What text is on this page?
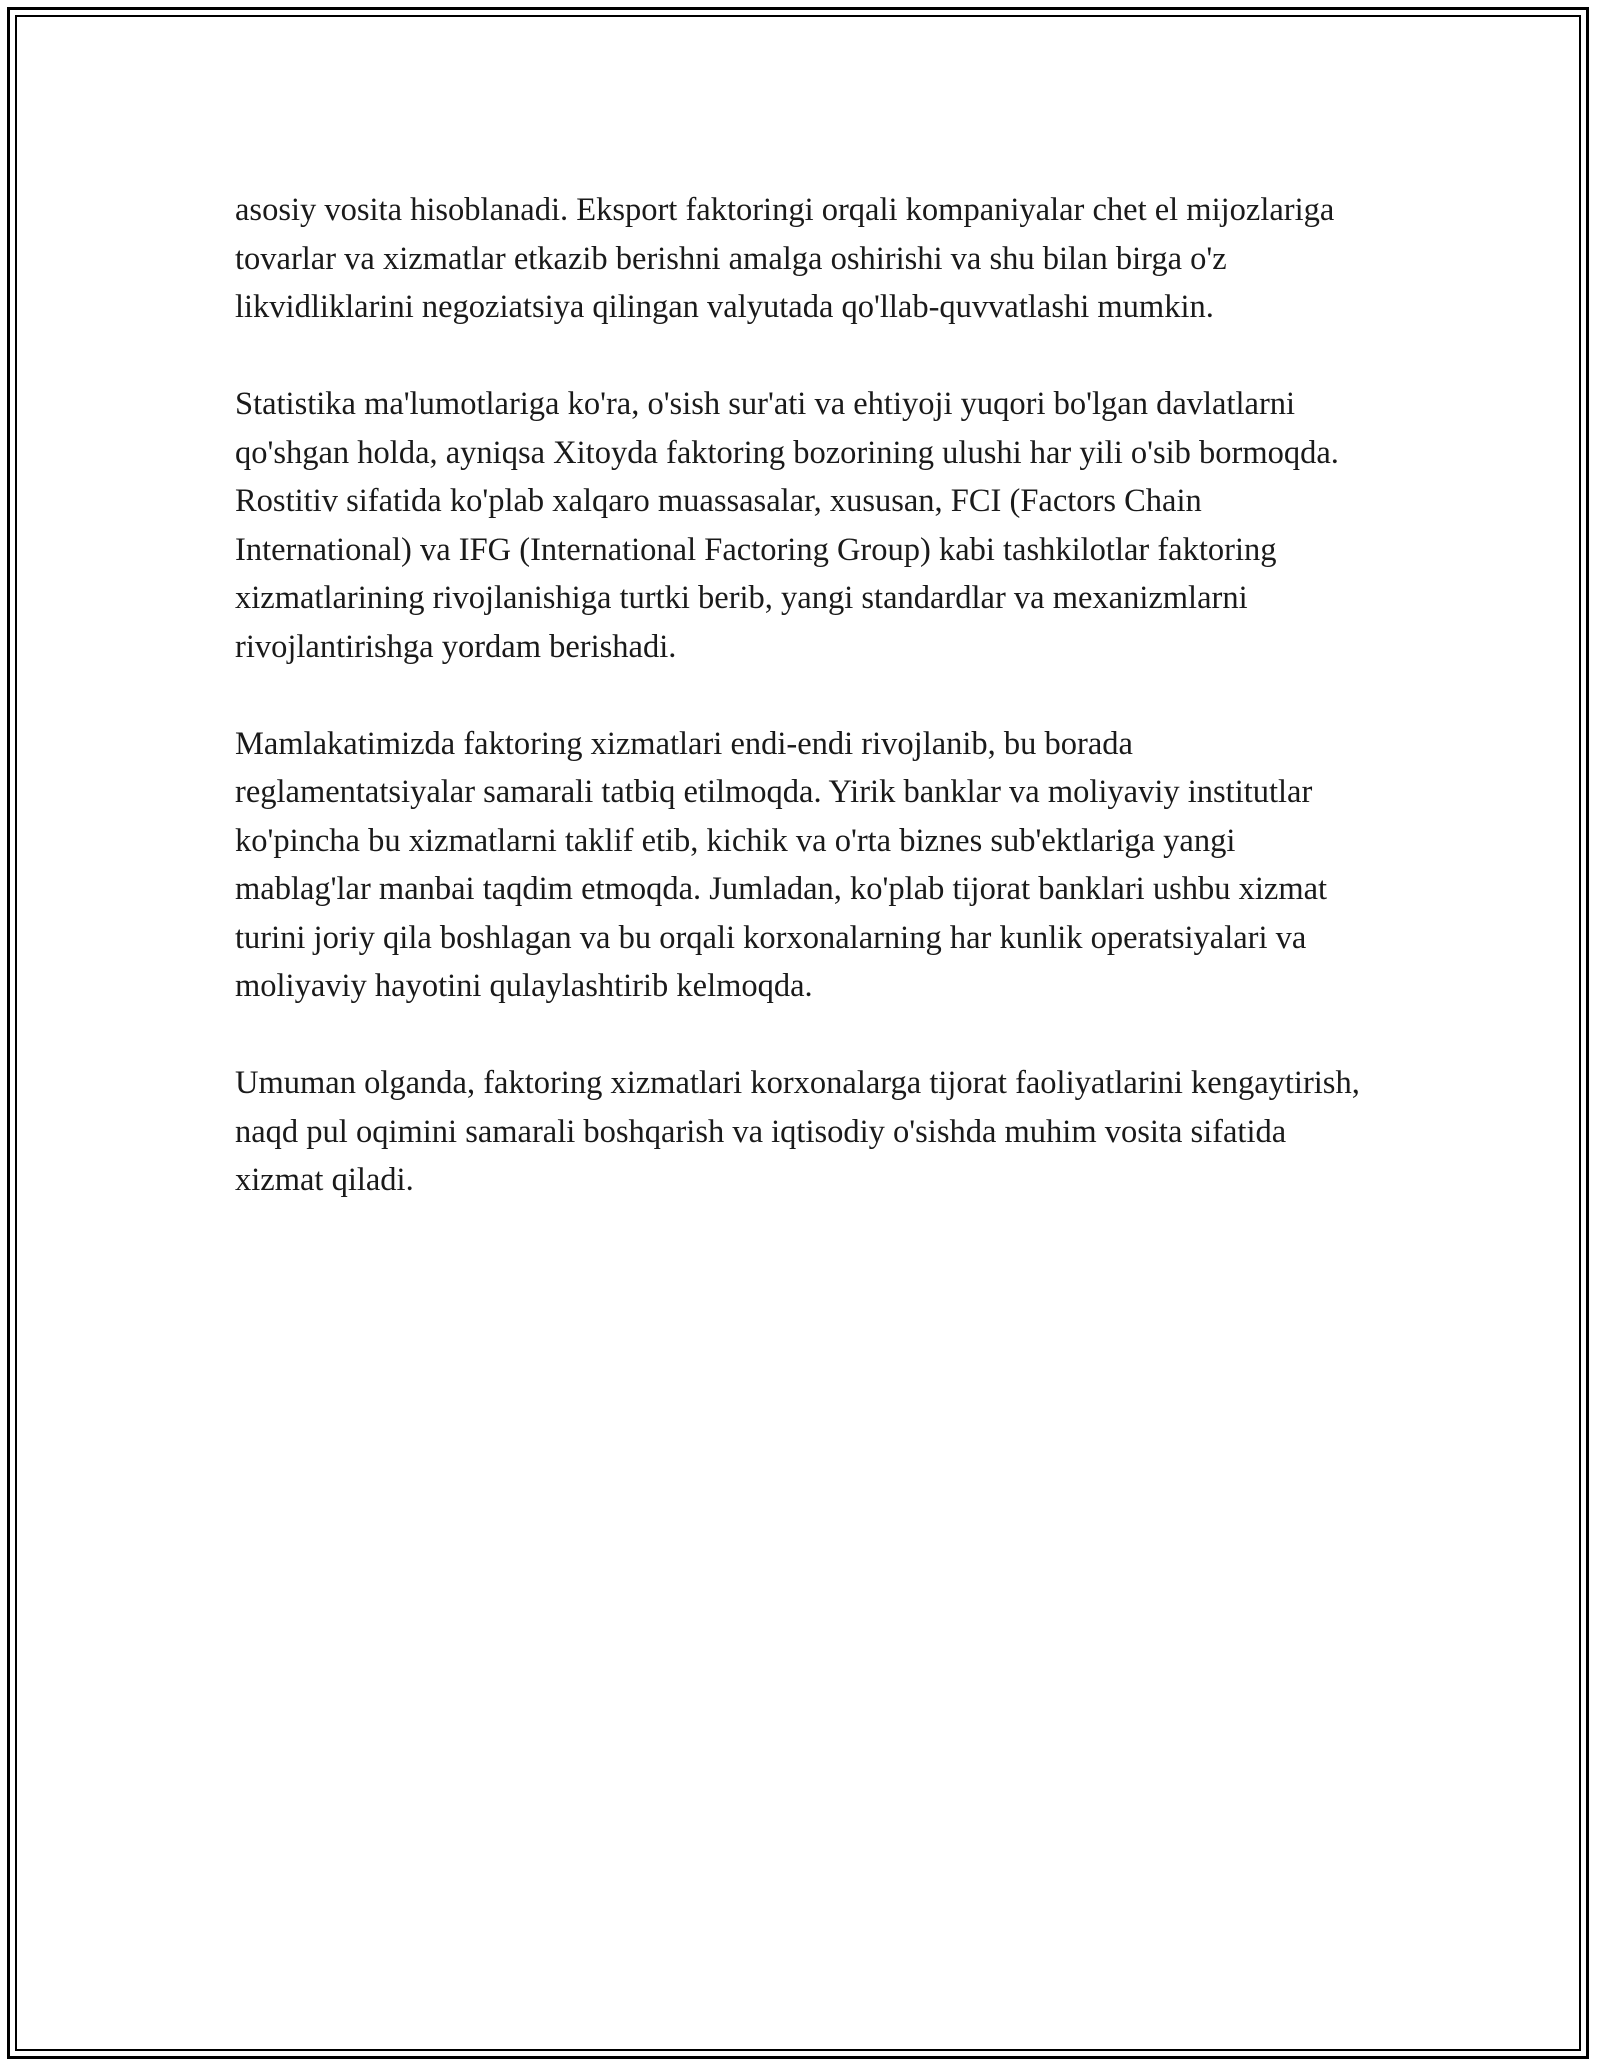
asosiy vosita hisoblanadi. Eksport faktoringi orqali kompaniyalar chet el mijozlariga tovarlar va xizmatlar etkazib berishni amalga oshirishi va shu bilan birga o'z likvidliklarini negoziatsiya qilingan valyutada qo'llab-quvvatlashi mumkin.

Statistika ma'lumotlariga ko'ra, o'sish sur'ati va ehtiyoji yuqori bo'lgan davlatlarni qo'shgan holda, ayniqsa Xitoyda faktoring bozorining ulushi har yili o'sib bormoqda. Rostitiv sifatida ko'plab xalqaro muassasalar, xususan, FCI (Factors Chain International) va IFG (International Factoring Group) kabi tashkilotlar faktoring xizmatlarining rivojlanishiga turtki berib, yangi standardlar va mexanizmlarni rivojlantirishga yordam berishadi.

Mamlakatimizda faktoring xizmatlari endi-endi rivojlanib, bu borada reglamentatsiyalar samarali tatbiq etilmoqda. Yirik banklar va moliyaviy institutlar ko'pincha bu xizmatlarni taklif etib, kichik va o'rta biznes sub'ektlariga yangi mablag'lar manbai taqdim etmoqda. Jumladan, ko'plab tijorat banklari ushbu xizmat turini joriy qila boshlagan va bu orqali korxonalarning har kunlik operatsiyalari va moliyaviy hayotini qulaylashtirib kelmoqda.

Umuman olganda, faktoring xizmatlari korxonalarga tijorat faoliyatlarini kengaytirish, naqd pul oqimini samarali boshqarish va iqtisodiy o'sishda muhim vosita sifatida xizmat qiladi.
